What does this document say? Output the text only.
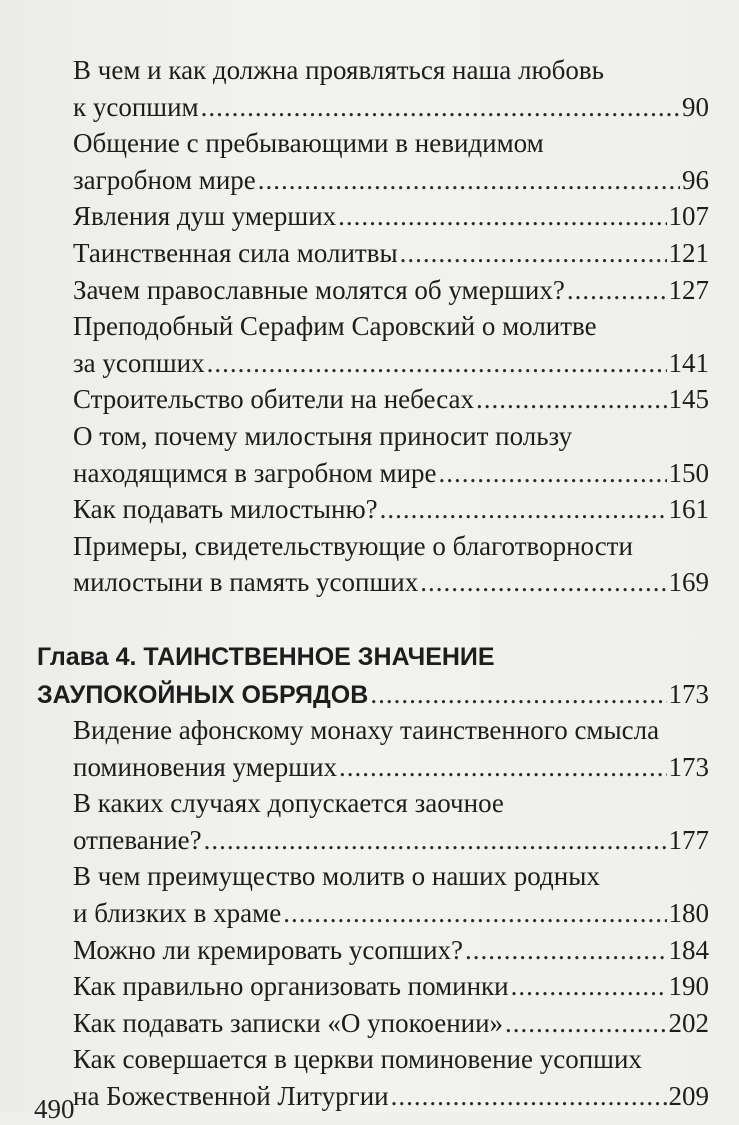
В чем и как должна проявляться наша любовь
к усопшим .....	90
Общение с пребывающими в невидимом
загробном мире .....	96
Явления душ умерших .....	107
Таинственная сила молитвы .....	121
Зачем православные молятся об умерших? .....	127
Преподобный Серафим Саровский о молитве
за усопших .....	141
Строительство обители на небесах .....	145
О том, почему милостыня приносит пользу
находящимся в загробном мире .....	150
Как подавать милостыню? .....	161
Примеры, свидетельствующие о благотворности
милостыни в память усопших .....	169
Глава 4. ТАИНСТВЕННОЕ ЗНАЧЕНИЕ
ЗАУПОКОЙНЫХ ОБРЯДОВ .....	173
Видение афонскому монаху таинственного смысла
поминовения умерших .....	173
В каких случаях допускается заочное
отпевание? .....	177
В чем преимущество молитв о наших родных
и близких в храме .....	180
Можно ли кремировать усопших? .....	184
Как правильно организовать поминки .....	190
Как подавать записки «О упокоении» .....	202
Как совершается в церкви поминовение усопших
на Божественной Литургии .....	209
490
